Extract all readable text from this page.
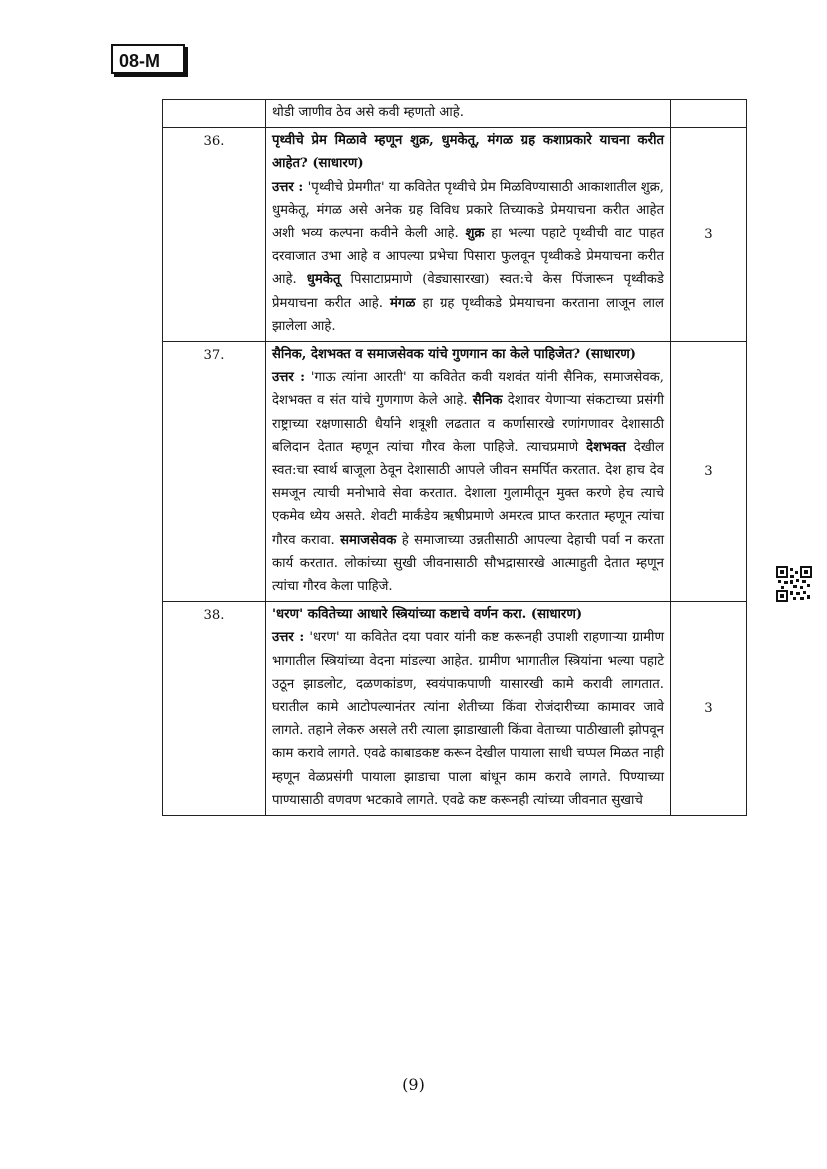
08-M

	थोडी जाणीव ठेव असे कवी म्हणतो आहे.	

36.	पृथ्वीचे प्रेम मिळावे म्हणून शुक्र, धुमकेतू, मंगळ ग्रह कशाप्रकारे याचना करीत आहेत? (साधारण)

उत्तर : 'पृथ्वीचे प्रेमगीत' या कवितेत पृथ्वीचे प्रेम मिळविण्यासाठी आकाशातील शुक्र, धुमकेतू, मंगळ असे अनेक ग्रह विविध प्रकारे तिच्याकडे प्रेमयाचना करीत आहेत अशी भव्य कल्पना कवीने केली आहे. शुक्र हा भल्या पहाटे पृथ्वीची वाट पाहत दरवाजात उभा आहे व आपल्या प्रभेचा पिसारा फुलवून पृथ्वीकडे प्रेमयाचना करीत आहे. धुमकेतू पिसाटाप्रमाणे (वेड्यासारखा) स्वत:चे केस पिंजारून पृथ्वीकडे प्रेमयाचना करीत आहे. मंगळ हा ग्रह पृथ्वीकडे प्रेमयाचना करताना लाजून लाल झालेला आहे.	3
37.	सैनिक, देशभक्त व समाजसेवक यांचे गुणगान का केले पाहिजेत? (साधारण)

उत्तर : 'गाऊ त्यांना आरती' या कवितेत कवी यशवंत यांनी सैनिक, समाजसेवक, देशभक्त व संत यांचे गुणगाण केले आहे. सैनिक देशावर येणाऱ्या संकटाच्या प्रसंगी राष्ट्राच्या रक्षणासाठी धैर्याने शत्रूशी लढतात व कर्णासारखे रणांगणावर देशासाठी बलिदान देतात म्हणून त्यांचा गौरव केला पाहिजे. त्याचप्रमाणे देशभक्त देखील स्वत:चा स्वार्थ बाजूला ठेवून देशासाठी आपले जीवन समर्पित करतात. देश हाच देव समजून त्याची मनोभावे सेवा करतात. देशाला गुलामीतून मुक्त करणे हेच त्याचे एकमेव ध्येय असते. शेवटी मार्कंडेय ऋषीप्रमाणे अमरत्व प्राप्त करतात म्हणून त्यांचा गौरव करावा. समाजसेवक हे समाजाच्या उन्नतीसाठी आपल्या देहाची पर्वा न करता कार्य करतात. लोकांच्या सुखी जीवनासाठी सौभद्रासारखे आत्माहुती देतात म्हणून त्यांचा गौरव केला पाहिजे.	3
38.	'धरण' कवितेच्या आधारे स्त्रियांच्या कष्टाचे वर्णन करा. (साधारण)

उत्तर : 'धरण' या कवितेत दया पवार यांनी कष्ट करूनही उपाशी राहणाऱ्या ग्रामीण भागातील स्त्रियांच्या वेदना मांडल्या आहेत. ग्रामीण भागातील स्त्रियांना भल्या पहाटे उठून झाडलोट, दळणकांडण, स्वयंपाकपाणी यासारखी कामे करावी लागतात. घरातील कामे आटोपल्यानंतर त्यांना शेतीच्या किंवा रोजंदारीच्या कामावर जावे लागते. तहाने लेकरु असले तरी त्याला झाडाखाली किंवा वेताच्या पाठीखाली झोपवून काम करावे लागते. एवढे काबाडकष्ट करून देखील पायाला साधी चप्पल मिळत नाही म्हणून वेळप्रसंगी पायाला झाडाचा पाला बांधून काम करावे लागते. पिण्याच्या पाण्यासाठी वणवण भटकावे लागते. एवढे कष्ट करूनही त्यांच्या जीवनात सुखाचे	3
(9)
